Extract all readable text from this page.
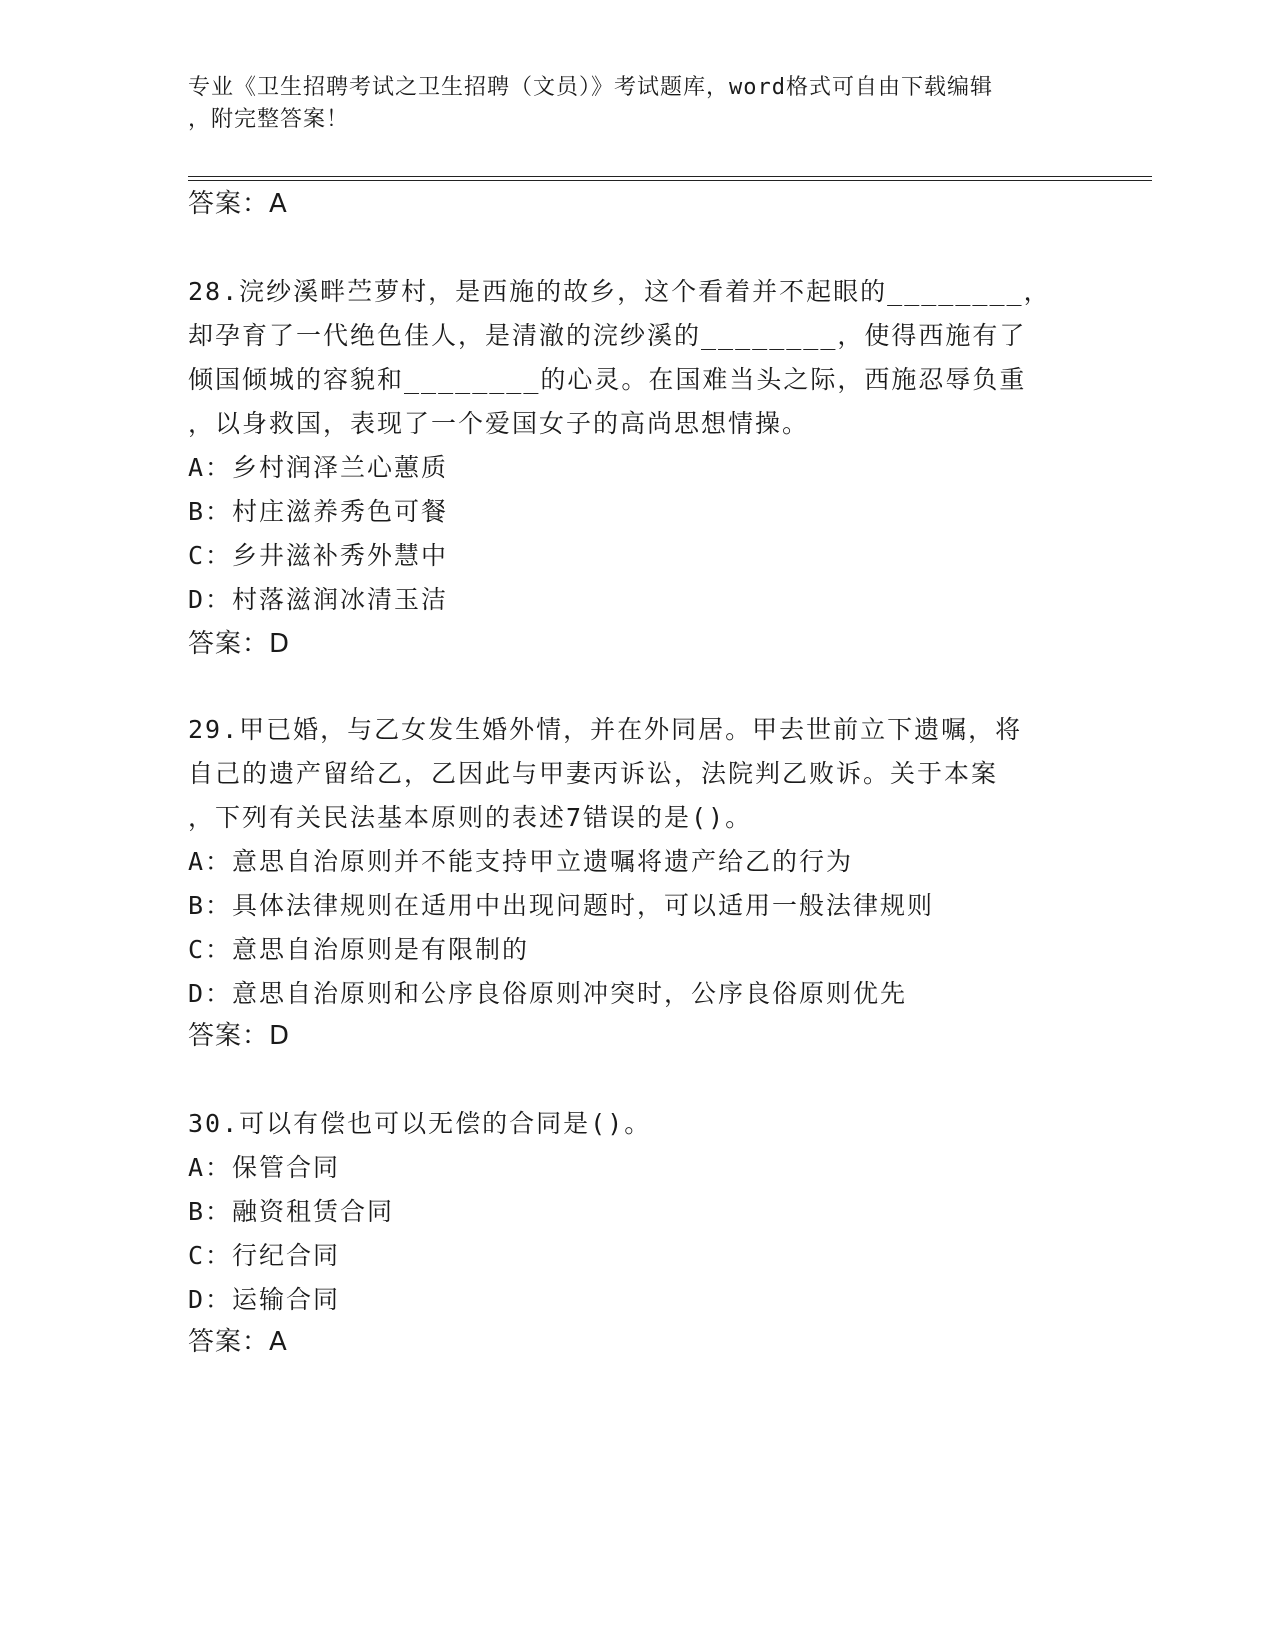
专业《卫生招聘考试之卫生招聘（文员）》考试题库，word格式可自由下载编辑
，附完整答案！
答案：A
28.浣纱溪畔苎萝村，是西施的故乡，这个看着并不起眼的________，
却孕育了一代绝色佳人，是清澈的浣纱溪的________，使得西施有了
倾国倾城的容貌和________的心灵。在国难当头之际，西施忍辱负重
，以身救国，表现了一个爱国女子的高尚思想情操。
A：乡村润泽兰心蕙质
B：村庄滋养秀色可餐
C：乡井滋补秀外慧中
D：村落滋润冰清玉洁
答案：D
29.甲已婚，与乙女发生婚外情，并在外同居。甲去世前立下遗嘱，将
自己的遗产留给乙，乙因此与甲妻丙诉讼，法院判乙败诉。关于本案
，下列有关民法基本原则的表述7错误的是()。
A：意思自治原则并不能支持甲立遗嘱将遗产给乙的行为
B：具体法律规则在适用中出现问题时，可以适用一般法律规则
C：意思自治原则是有限制的
D：意思自治原则和公序良俗原则冲突时，公序良俗原则优先
答案：D
30.可以有偿也可以无偿的合同是()。
A：保管合同
B：融资租赁合同
C：行纪合同
D：运输合同
答案：A
